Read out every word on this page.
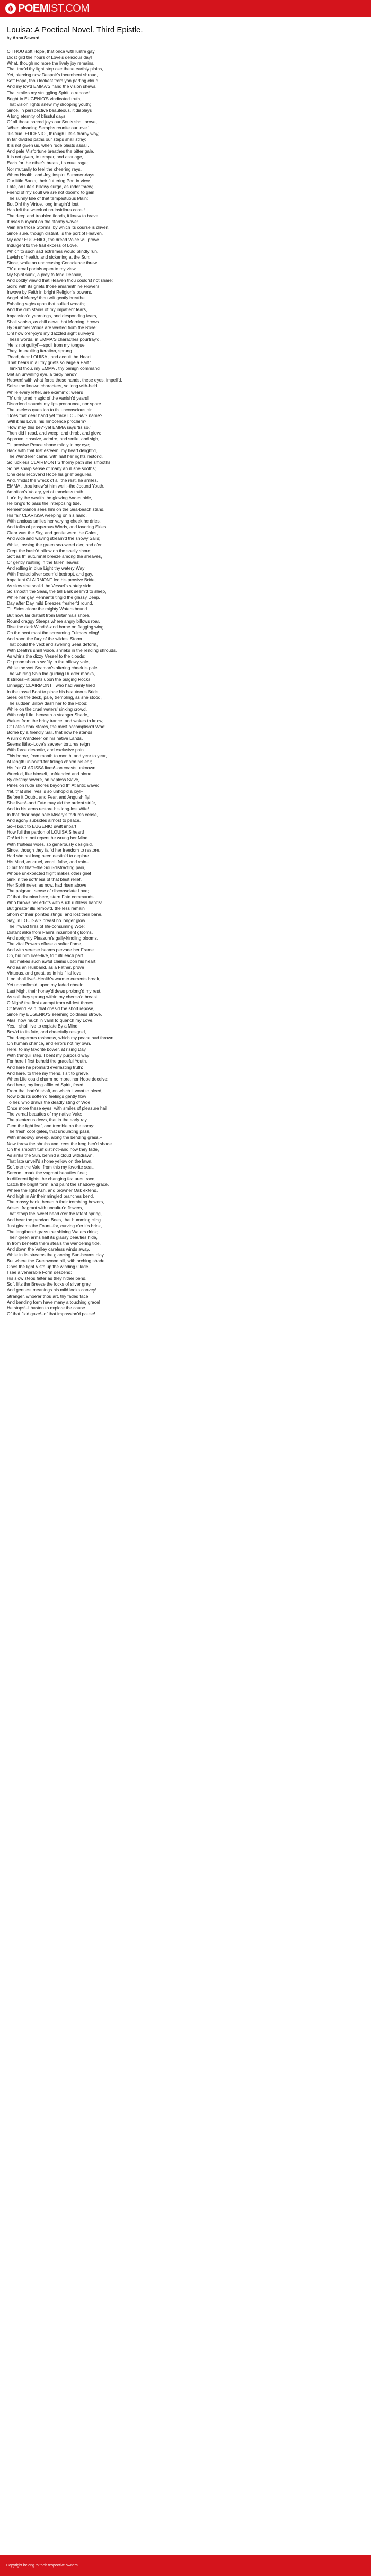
POEMIST.COM
Louisa: A Poetical Novel. Third Epistle.
by Anna Seward
O THOU soft Hope, that once with lustre gay
Didst gild the hours of Love's delicious day!
What, though no more the lively joy remains,
That trac'd thy light step o'er these earthly plains,
Yet, piercing now Despair's incumbent shroud,
Soft Hope, thou lookest from yon parting cloud;
And my lov'd EMMA'S hand the vision shews,
That smiles my struggling Spirit to repose!
Bright in EUGENIO'S vindicated truth,
That vision lights anew my drooping youth;
Since, in perspective beauteous, it displays
A long eternity of blissful days;
Of all those sacred joys our Souls shall prove,
'When pleading Seraphs reunite our love.'
'Tis true, EUGENIO , through Life's thorny way,
In far divided paths our steps shall stray;
It is not given us, when rude blasts assail,
And pale Misfortune breathes the bitter gale,
It is not given, to temper, and assuage,
Each for the other's breast, its cruel rage;
Nor mutually to feel the cheering rays,
When Health, and Joy, inspirit Summer-days.
Our little Barks, their fluttering Port in view,
Fate, on Life's billowy surge, asunder threw;
Friend of my soul! we are not doom'd to gain
The sunny Isle of that tempestuous Main;
But Oh! thy Virtue, long imagin'd lost,
Has felt the wreck of no insidious coast!
The deep and troubled floods, it knew to brave!
It rises buoyant on the stormy wave!
Vain are those Storms, by which its course is driven,
Since sure, though distant, is the port of Heaven.
My dear EUGENIO , the dread Voice will prove
Indulgent to the frail excess of Love,
Which to such sad extremes would blindly run,
Lavish of health, and sickening at the Sun;
Since, while an unaccusing Conscience threw
Th' eternal portals open to my view,
My Spirit sunk, a prey to fond Despair,
And coldly view'd that Heaven thou could'st not share;
Soil'd with its griefs those amaranthine Flowers,
Inwove by Faith in bright Religion's bowers.
Angel of Mercy! thou wilt gently breathe.
Exhaling sighs upon that sullied wreath;
And the dim stains of my impatient tears,
Impassion'd yearnings, and desponding fears,
Shall vanish, as chill dews that Morning throws
By Summer Winds are wasted from the Rose!
Oh! how o'er-joy'd my dazzled sight survey'd
These words, in EMMA'S characters pourtray'd,
'He is not guilty!'—spoil from my tongue
They, in exulting iteration, sprung.
'Read, dear LOUISA , and acquit the Heart
'That bears in all thy griefs so large a Part.'
Think'st thou, my EMMA , thy benign command
Met an unwilling eye, a tardy hand?
Heaven! with what force these hands, these eyes, impell'd,
Seize the known characters, so long with-held!
While every letter, are examin'd; wears
Th' uninjured magic of the vanish'd years!
Disorder'd sounds my lips pronounce, nor spare
The useless question to th' unconscious air.
'Does that dear hand yet trace LOUISA'S name?
'Will it his Love, his Innocence proclaim?
'How may this be?'-yet EMMA says 'tis so.'
Then did I read, and weep, and throb, and glow;
Approve, absolve, admire, and smile, and sigh,
Till pensive Peace shone mildly in my eye;
Back with that lost esteem, my heart delight'd,
The Wanderer came, with half her rights restor'd.
So luckless CLAIRMONT'S thorny path she smooths;
So his sharp sense of many an ill she sooths;
One dear recover'd Hope his grief beguiles,
And, 'midst the wreck of all the rest, he smiles.
EMMA , thou knew'st him well;–the Jocund Youth,
Ambition's Votary, yet of tameless truth.
Lur'd by the wealth the glowing Andes hide,
He long'd to pass the interposing tide.
Remembrance sees him on the Sea-beach stand,
His fair CLARISSA weeping on his hand.
With anxious smiles her varying cheek he dries,
And talks of prosperous Winds, and favoring Skies.
Clear was the Sky, and gentle were the Gales,
And wide and waving stream'd the snowy Sails;
While, tossing the green sea-weed o'er, and o'er,
Crept the hush'd billow on the shelly shore;
Soft as th' autumnal breeze among the sheaves,
Or gently rustling in the fallen leaves;
And rolling in blue Light thy watery Way
With frosted silver seem'd bedropt, and gay.
Impatient CLAIRMONT led his pensive Bride,
As slow she scal'd the Vessel's stately side.
So smooth the Seas, the tall Bark seem'd to sleep,
While her gay Pennants ting'd the glassy Deep.
Day after Day mild Breezes fresher'd round,
Till Skies alone the mighty Waters bound.
But now, far distant from Britannia's shore,
Round craggy Steeps where angry billows roar,
Rise the dark Winds!–and borne on flagging wing,
On the bent mast the screaming Fulmars cling!
And soon the fury of the wildest Storm
That could the vext and swelling Seas deform,
With Death's shrill voice, shrieks in the rending shrouds,
As whirls the dizzy Vessel to the clouds;
Or prone shoots swiftly to the billowy vale,
While the wet Seaman's altering cheek is pale.
The whirling Ship the guiding Rudder mocks,
It strikes!–it bursts upon the bulging Rocks!
Unhappy CLAIRMONT , who had vainly tried
In the toss'd Boat to place his beauteous Bride,
Sees on the deck, pale, trembling, as she stood,
The sudden Billow dash her to the Flood;
While on the cruel waters' sinking crowd,
With only Life, beneath a stranger Shade,
Wakes from the briny trance, and wakes to know,
Of Fate's dark stores, the most accomplish'd Woe!
Borne by a friendly Sail, that now he stands
A ruin'd Wanderer on his native Lands,
Seems little;–Love's severer tortures reign
With force despotic, and exclusive pain.
This borne, from month to month, and year to year,
At length unlook'd-for tidings charm his ear;
His fair CLARISSA lives!–on coasts unknown
Wreck'd, like himself, unfriended and alone,
By destiny severe, an hapless Slave,
Pines on rude shores beyond th' Atlantic wave;
Yet, that she lives is so unhop'd a joy!–
Before it Doubt, and Fear, and Anguish fly!
She lives!–and Fate may aid the ardent strife,
And to his arms restore his long-lost Wife!
In that dear hope pale Misery's tortures cease,
And agony subsides almost to peace.
So–I bout to EUGENIO swift impart
How full the pardon of LOUISA'S heart!
Oh! let him not repent he wrung her Mind
With fruitless woes, so generously design'd.
Since, though they fail'd her freedom to restore,
Had she not long been destin'd to deplore
His Mind, as cruel, venal, false, and vain–
O but for that!–the Soul-distracting pain,
Whose unexpected flight makes other grief
Sink in the softness of that blest relief,
Her Spirit ne'er, as now, had risen above
The poignant sense of disconsolate Love;
Of that disunion here, stern Fate commands,
Who throws her edicts with such ruthless hands!
But greater ills remov'd, the less remain
Shorn of their pointed stings, and lost their bane.
Say, in LOUISA'S breast no longer glow
The inward fires of life-consuming Woe;
Distant alike from Pain's incumbent glooms,
And sprightly Pleasure's gaily-kindling blooms,
The vital Powers effuse a softer flame,
And with serener beams pervade her Frame.
Oh, bid him live!–live, to fulfil each part
That makes such awful claims upon his heart;
And as an Husband, as a Father, prove
Virtuous, and great, as in his filial love!
I too shall live!–Health's warmer currents break,
Yet unconfirm'd, upon my faded cheek:
Last Night their honey'd dews prolong'd my rest,
As soft they sprung within my cherish'd breast.
O Night! the first exempt from wildest throes
Of fever'd Pain, that chas'd the short repose,
Since my EUGENIO'S seeming coldness strove,
Alas! how much in vain! to quench my Love.
Yes, I shall live to expiate By a Mind
Bow'd to its fate, and cheerfully resign'd,
The dangerous rashness, which my peace had thrown
On human chance, and errors not my own.
Here, to my favorite bower, at rising Day,
With tranquil step, I bent my purpos'd way;
For here I first beheld the graceful Youth,
And here he promis'd everlasting truth:
And here, to thee my friend, I sit to grieve,
When Life could charm no more, nor Hope deceive;
And here, my long afflicted Spirit, freed
From that barb'd shaft, on which it wont to bleed,
Now bids its soften'd feelings gently flow
To her, who draws the deadly sting of Woe,
Once more these eyes, with smiles of pleasure hail
The vernal beauties of my native Vale;
The plenteous dews, that in the early ray
Gem the light leaf, and tremble on the spray:
The fresh cool gales, that undulating pass,
With shadowy sweep, along the bending grass.–
Now throw the shrubs and trees the lengthen'd shade
On the smooth turf distinct–and now they fade,
As sinks the Sun, behind a cloud withdrawn,
That late unveil'd shone yellow on the lawn.
Soft o'er the Vale, from this my favorite seat,
Serene I mark the vagrant beauties fleet;
In different lights the changing features trace,
Catch the bright form, and paint the shadowy grace.
Where the light Ash, and browner Oak extend,
And high in Air their mingled branches bend,
The mossy bank, beneath their trembling bowers,
Arises, fragrant with uncultur'd flowers,
That stoop the sweet head o'er the latent spring,
And bear the pendant Bees, that humming cling.
Just gleams the Fount–for, curving o'er it's brink,
The lengthen'd grass the shining Waters drink;
Their green arms half its glassy beauties hide,
In from beneath them steals the wandering tide,
And down the Valley careless winds away,
While in its streams the glancing Sun-beams play.
But where the Greenwood hill, with arching shade,
Opes the light Vista up the winding Glade,
I see a venerable Form descend;
His slow steps falter as they hither bend.
Soft lifts the Breeze the locks of silver grey,
And gentlest meanings his mild looks convey!
Stranger, whoe'er thou art, thy faded face
And bending form have many a touching grace!
He stops!–I hasten to explore the cause
Of that fix'd gaze!–of that impassion'd pause!
Copyright belong to their respective owners
